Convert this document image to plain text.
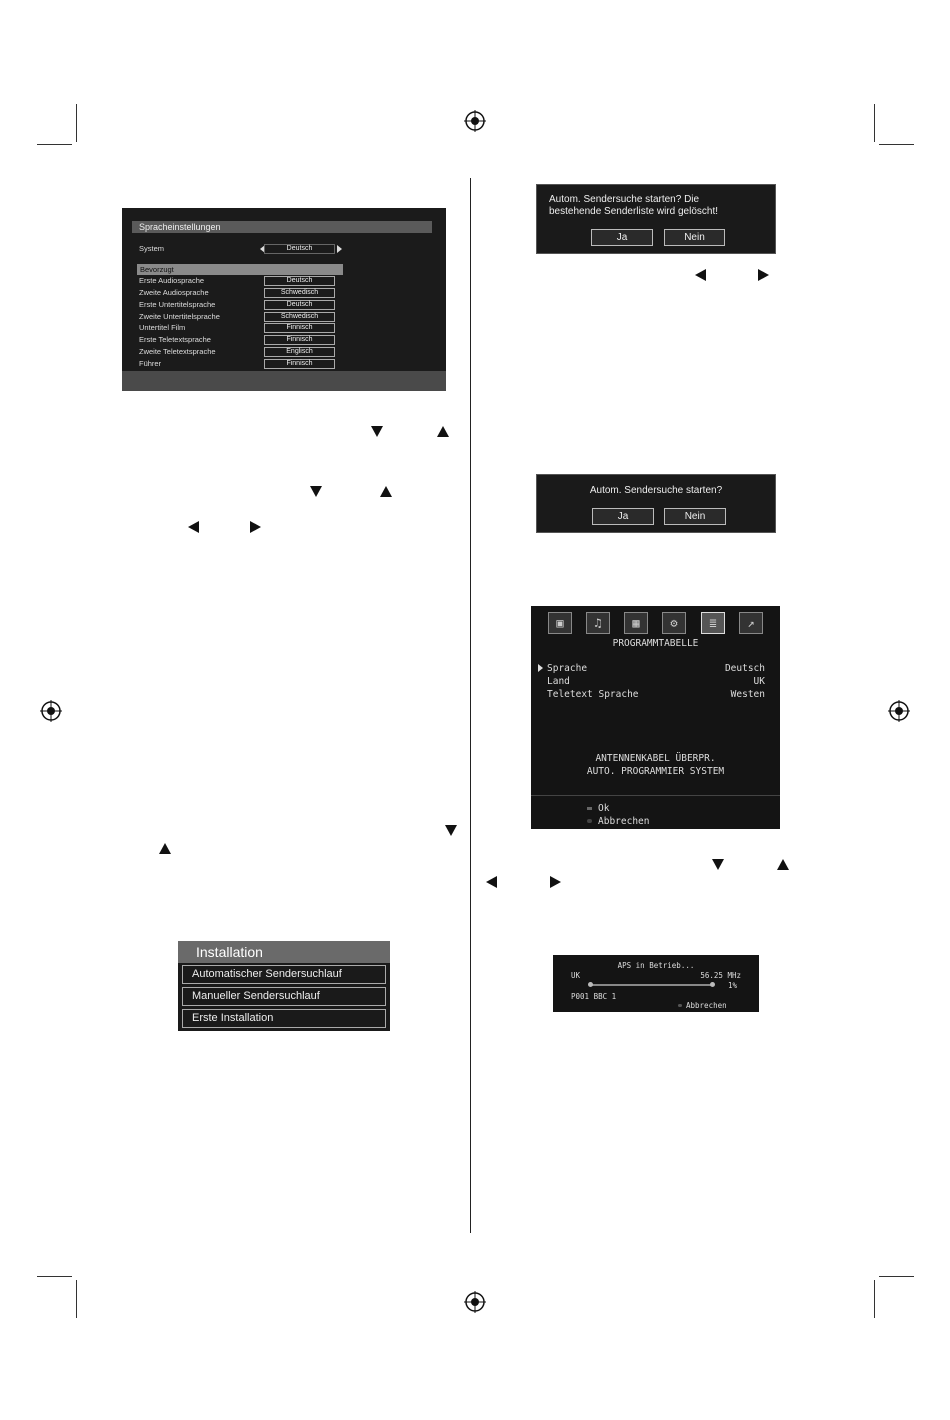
Spracheinstellungen
System	Deutsch
Bevorzugt
Erste Audiosprache	Deutsch
Zweite Audiosprache	Schwedisch
Erste Untertitelsprache	Deutsch
Zweite Untertitelsprache	Schwedisch
Untertitel Film	Finnisch
Erste Teletextsprache	Finnisch
Zweite Teletextsprache	Englisch
Führer	Finnisch
Installation
Automatischer Sendersuchlauf
Manueller Sendersuchlauf
Erste Installation
Autom. Sendersuche starten? Die
bestehende Senderliste wird gelöscht!
Ja	Nein
Autom. Sendersuche starten?
Ja	Nein
▣	♫	▦	⚙	≣	↗
PROGRAMMTABELLE
Sprache	Deutsch
Land	UK
Teletext Sprache	Westen
ANTENNENKABEL ÜBERPR.
AUTO. PROGRAMMIER SYSTEM
Ok
Abbrechen
APS in Betrieb...
UK	56.25 MHz
1%
P001 BBC 1
Abbrechen
